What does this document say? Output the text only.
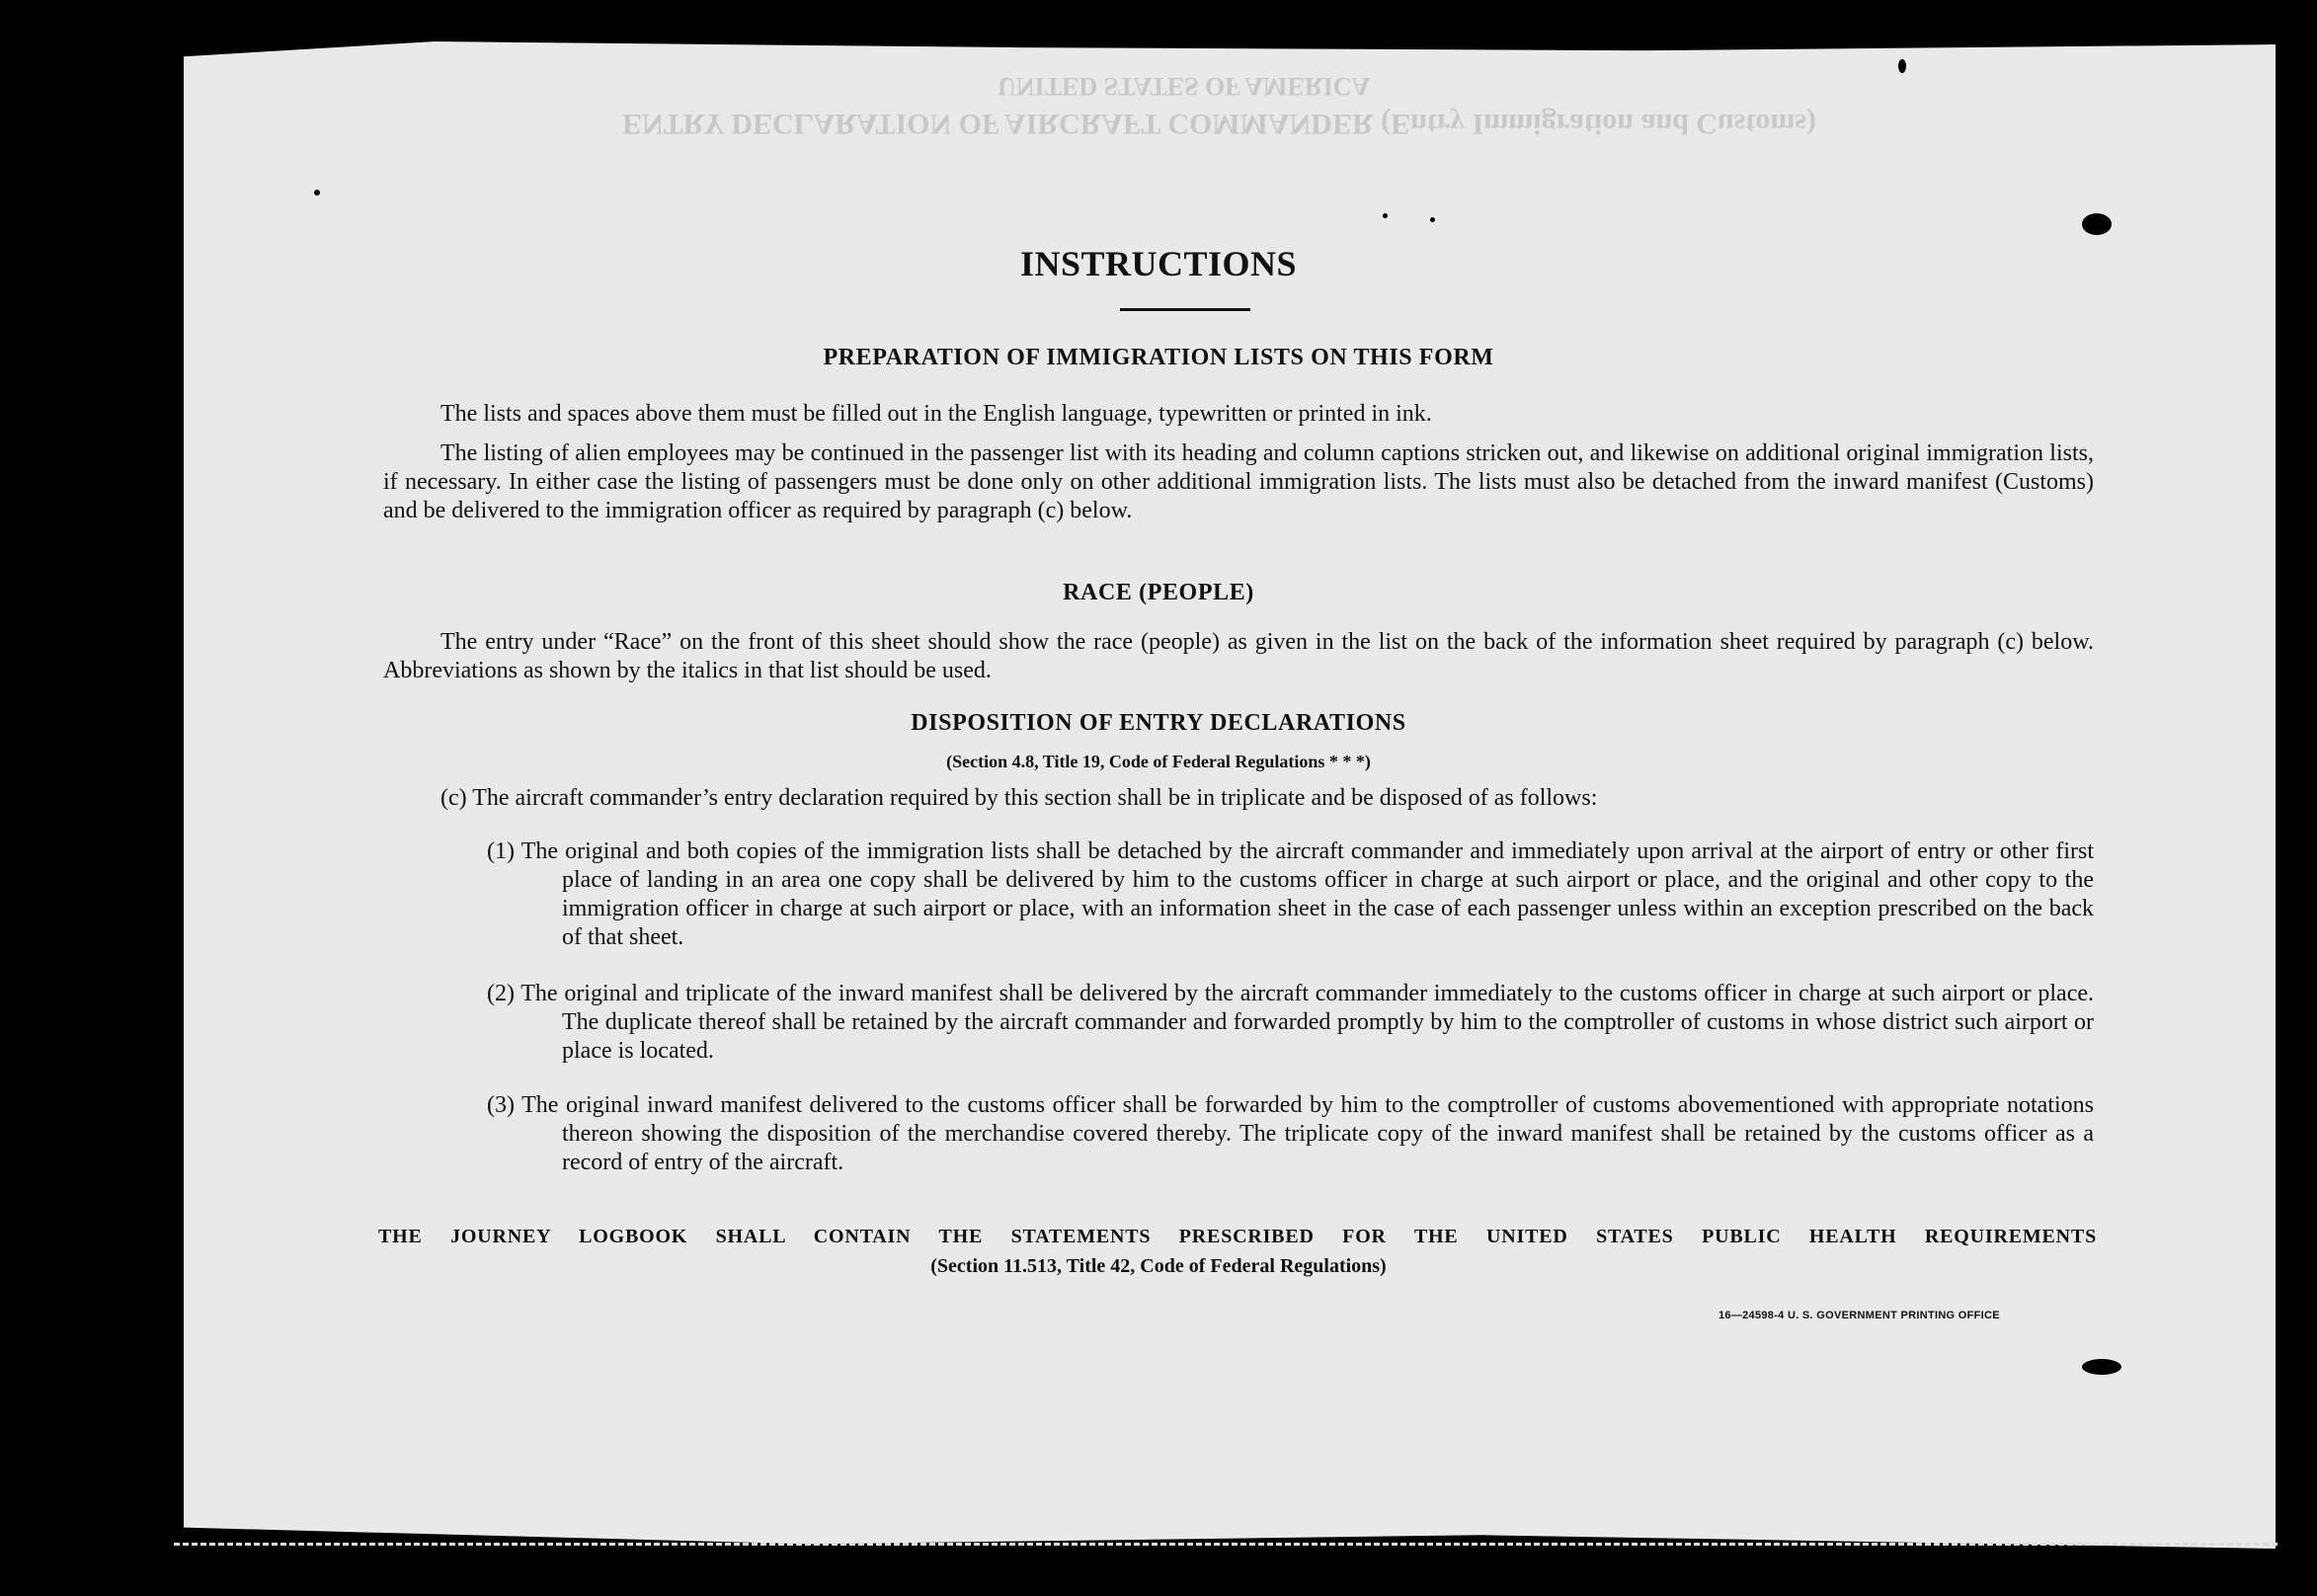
UNITED STATES OF AMERICA
ENTRY DECLARATION OF AIRCRAFT COMMANDER (Entry Immigration and Customs)
INSTRUCTIONS

PREPARATION OF IMMIGRATION LISTS ON THIS FORM

The lists and spaces above them must be filled out in the English language, typewritten or printed in ink.

The listing of alien employees may be continued in the passenger list with its heading and column captions stricken out, and likewise on additional original immigration lists, if necessary. In either case the listing of passengers must be done only on other additional immigration lists. The lists must also be detached from the inward manifest (Customs) and be delivered to the immigration officer as required by paragraph (c) below.

RACE (PEOPLE)

The entry under “Race” on the front of this sheet should show the race (people) as given in the list on the back of the information sheet required by paragraph (c) below. Abbreviations as shown by the italics in that list should be used.

DISPOSITION OF ENTRY DECLARATIONS

(Section 4.8, Title 19, Code of Federal Regulations * * *)

(c) The aircraft commander’s entry declaration required by this section shall be in triplicate and be disposed of as follows:

(1) The original and both copies of the immigration lists shall be detached by the aircraft commander and immediately upon arrival at the airport of entry or other first place of landing in an area one copy shall be delivered by him to the customs officer in charge at such airport or place, and the original and other copy to the immigration officer in charge at such airport or place, with an information sheet in the case of each passenger unless within an exception prescribed on the back of that sheet.

(2) The original and triplicate of the inward manifest shall be delivered by the aircraft commander immediately to the customs officer in charge at such airport or place. The duplicate thereof shall be retained by the aircraft commander and forwarded promptly by him to the comptroller of customs in whose district such airport or place is located.

(3) The original inward manifest delivered to the customs officer shall be forwarded by him to the comptroller of customs abovementioned with appropriate notations thereon showing the disposition of the merchandise covered thereby. The triplicate copy of the inward manifest shall be retained by the customs officer as a record of entry of the aircraft.

THE JOURNEY LOGBOOK SHALL CONTAIN THE STATEMENTS PRESCRIBED FOR THE UNITED STATES PUBLIC HEALTH REQUIREMENTS

(Section 11.513, Title 42, Code of Federal Regulations)

16—24598-4 U. S. GOVERNMENT PRINTING OFFICE
